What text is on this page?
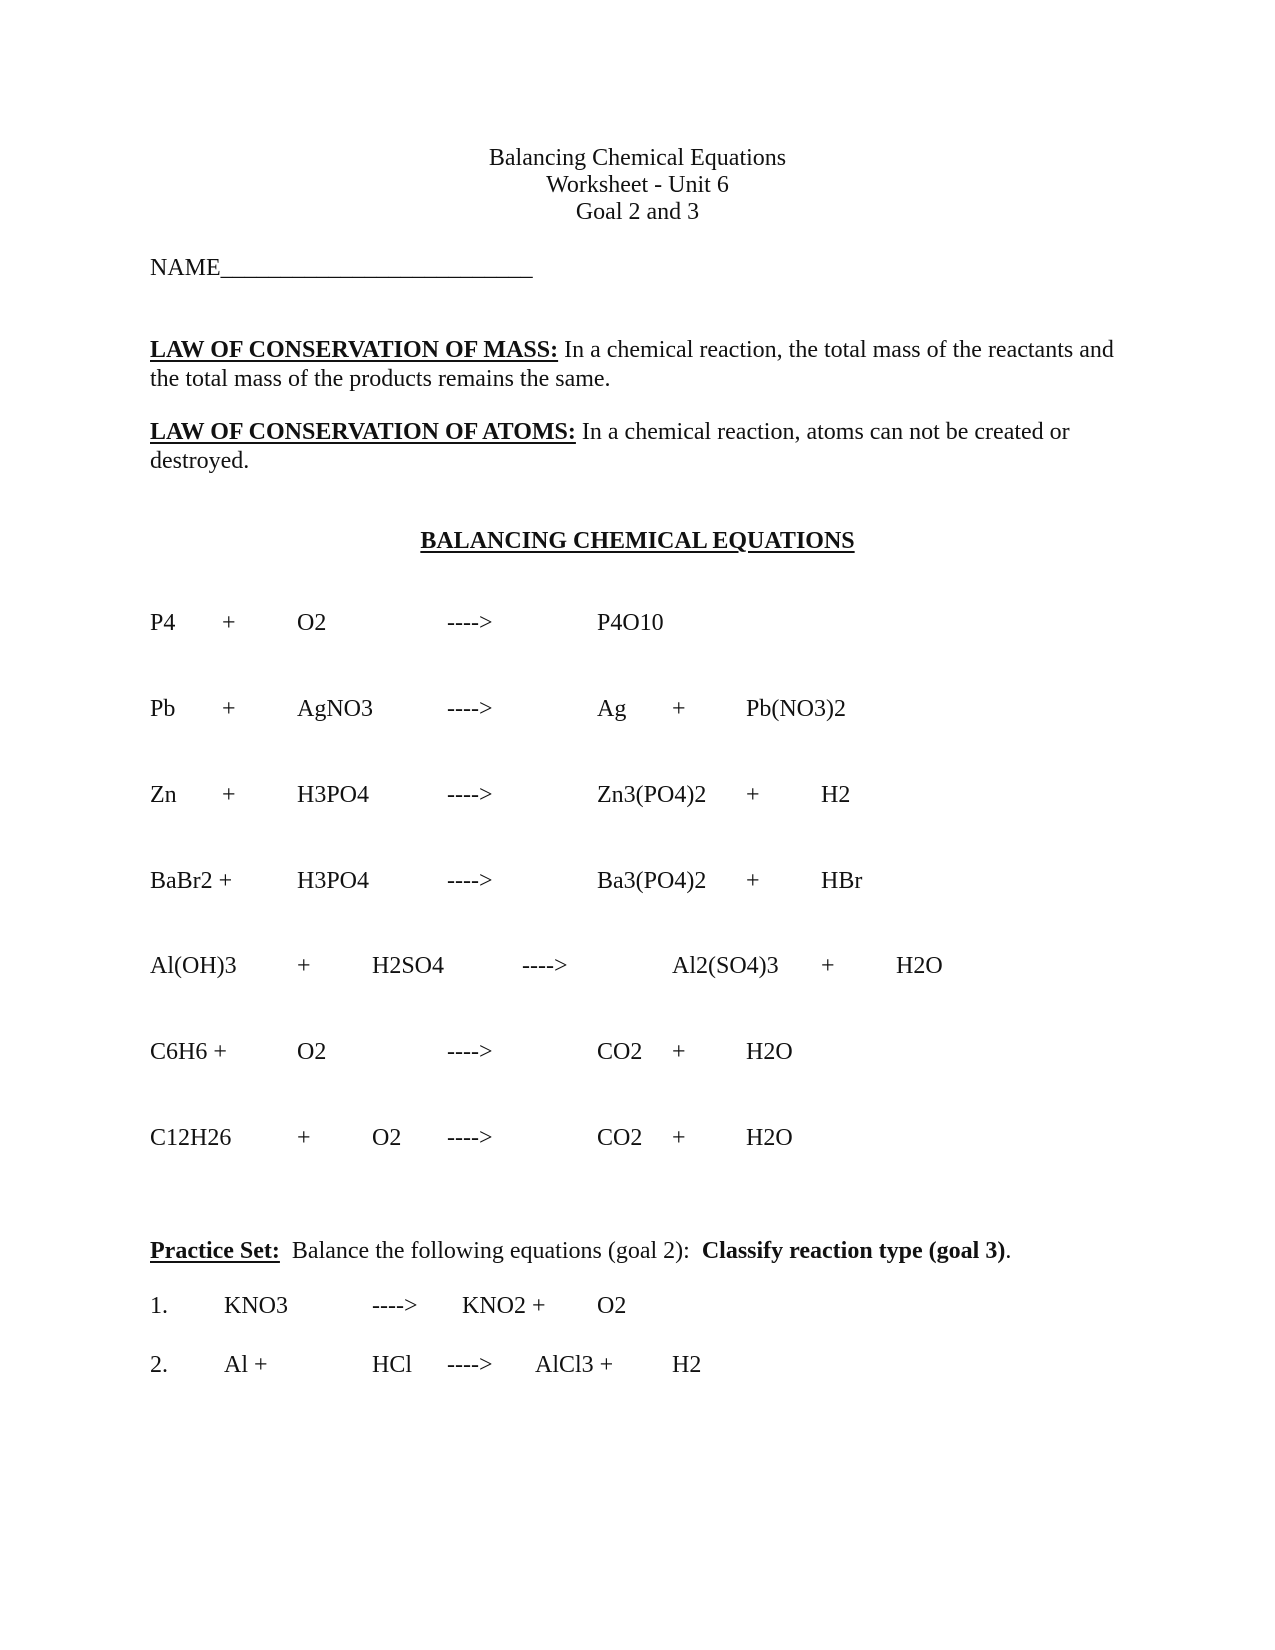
Balancing Chemical Equations
Worksheet - Unit 6
Goal 2 and 3
NAME__________________________
LAW OF CONSERVATION OF MASS: In a chemical reaction, the total mass of the reactants and the total mass of the products remains the same.
LAW OF CONSERVATION OF ATOMS: In a chemical reaction, atoms can not be created or destroyed.
BALANCING CHEMICAL EQUATIONS
P4 +	O2	---->	P4O10
Pb +	AgNO3	---->	Ag +	Pb(NO3)2
Zn +	H3PO4	---->	Zn3(PO4)2 +	H2
BaBr2 +	H3PO4	---->	Ba3(PO4)2 +	HBr
Al(OH)3	+	H2SO4	---->	Al2(SO4)3 +	H2O
C6H6 +	O2	---->	CO2 +	H2O
C12H26	+	O2 ---->	CO2 +	H2O
Practice Set:  Balance the following equations (goal 2):  Classify reaction type (goal 3).
1. KNO3	----> KNO2 + O2
2. Al +	HCl ----> AlCl3 + H2
